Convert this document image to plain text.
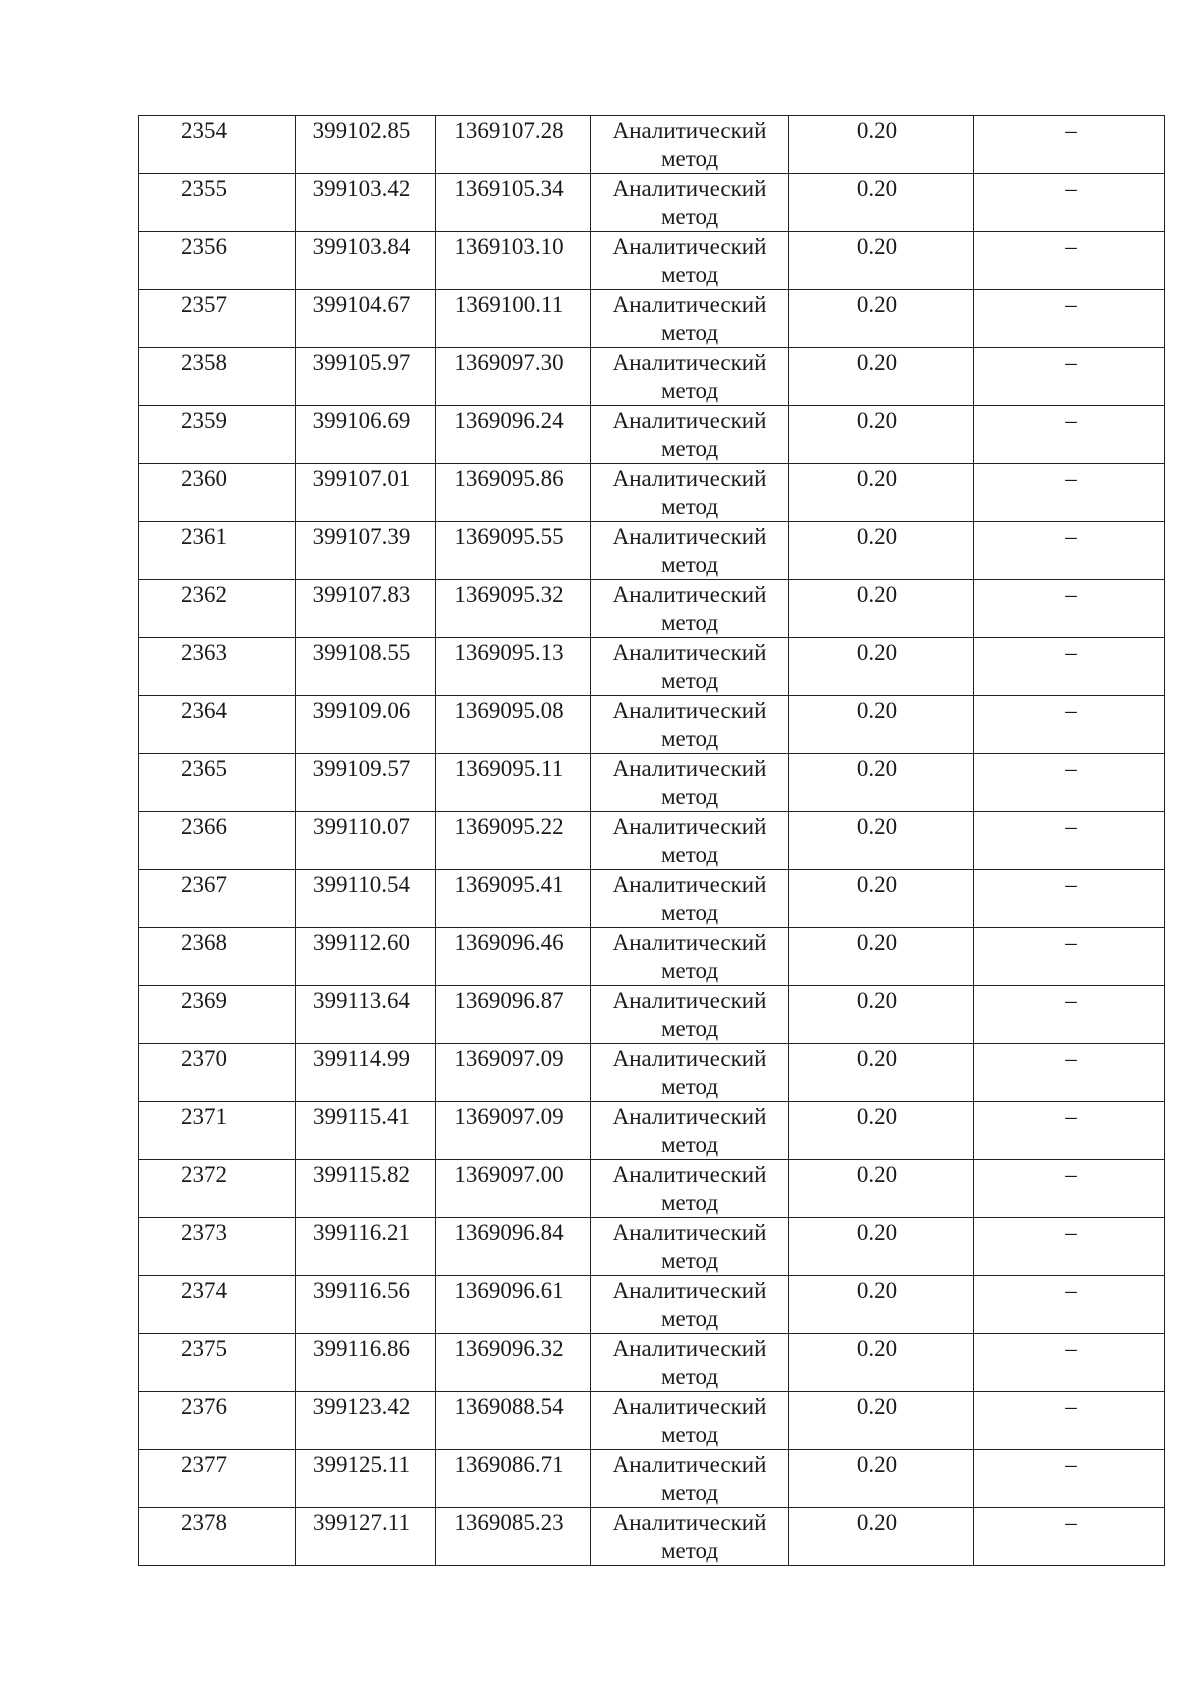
2354	399102.85	1369107.28	Аналитический метод	0.20	–
2355	399103.42	1369105.34	Аналитический метод	0.20	–
2356	399103.84	1369103.10	Аналитический метод	0.20	–
2357	399104.67	1369100.11	Аналитический метод	0.20	–
2358	399105.97	1369097.30	Аналитический метод	0.20	–
2359	399106.69	1369096.24	Аналитический метод	0.20	–
2360	399107.01	1369095.86	Аналитический метод	0.20	–
2361	399107.39	1369095.55	Аналитический метод	0.20	–
2362	399107.83	1369095.32	Аналитический метод	0.20	–
2363	399108.55	1369095.13	Аналитический метод	0.20	–
2364	399109.06	1369095.08	Аналитический метод	0.20	–
2365	399109.57	1369095.11	Аналитический метод	0.20	–
2366	399110.07	1369095.22	Аналитический метод	0.20	–
2367	399110.54	1369095.41	Аналитический метод	0.20	–
2368	399112.60	1369096.46	Аналитический метод	0.20	–
2369	399113.64	1369096.87	Аналитический метод	0.20	–
2370	399114.99	1369097.09	Аналитический метод	0.20	–
2371	399115.41	1369097.09	Аналитический метод	0.20	–
2372	399115.82	1369097.00	Аналитический метод	0.20	–
2373	399116.21	1369096.84	Аналитический метод	0.20	–
2374	399116.56	1369096.61	Аналитический метод	0.20	–
2375	399116.86	1369096.32	Аналитический метод	0.20	–
2376	399123.42	1369088.54	Аналитический метод	0.20	–
2377	399125.11	1369086.71	Аналитический метод	0.20	–
2378	399127.11	1369085.23	Аналитический метод	0.20	–
